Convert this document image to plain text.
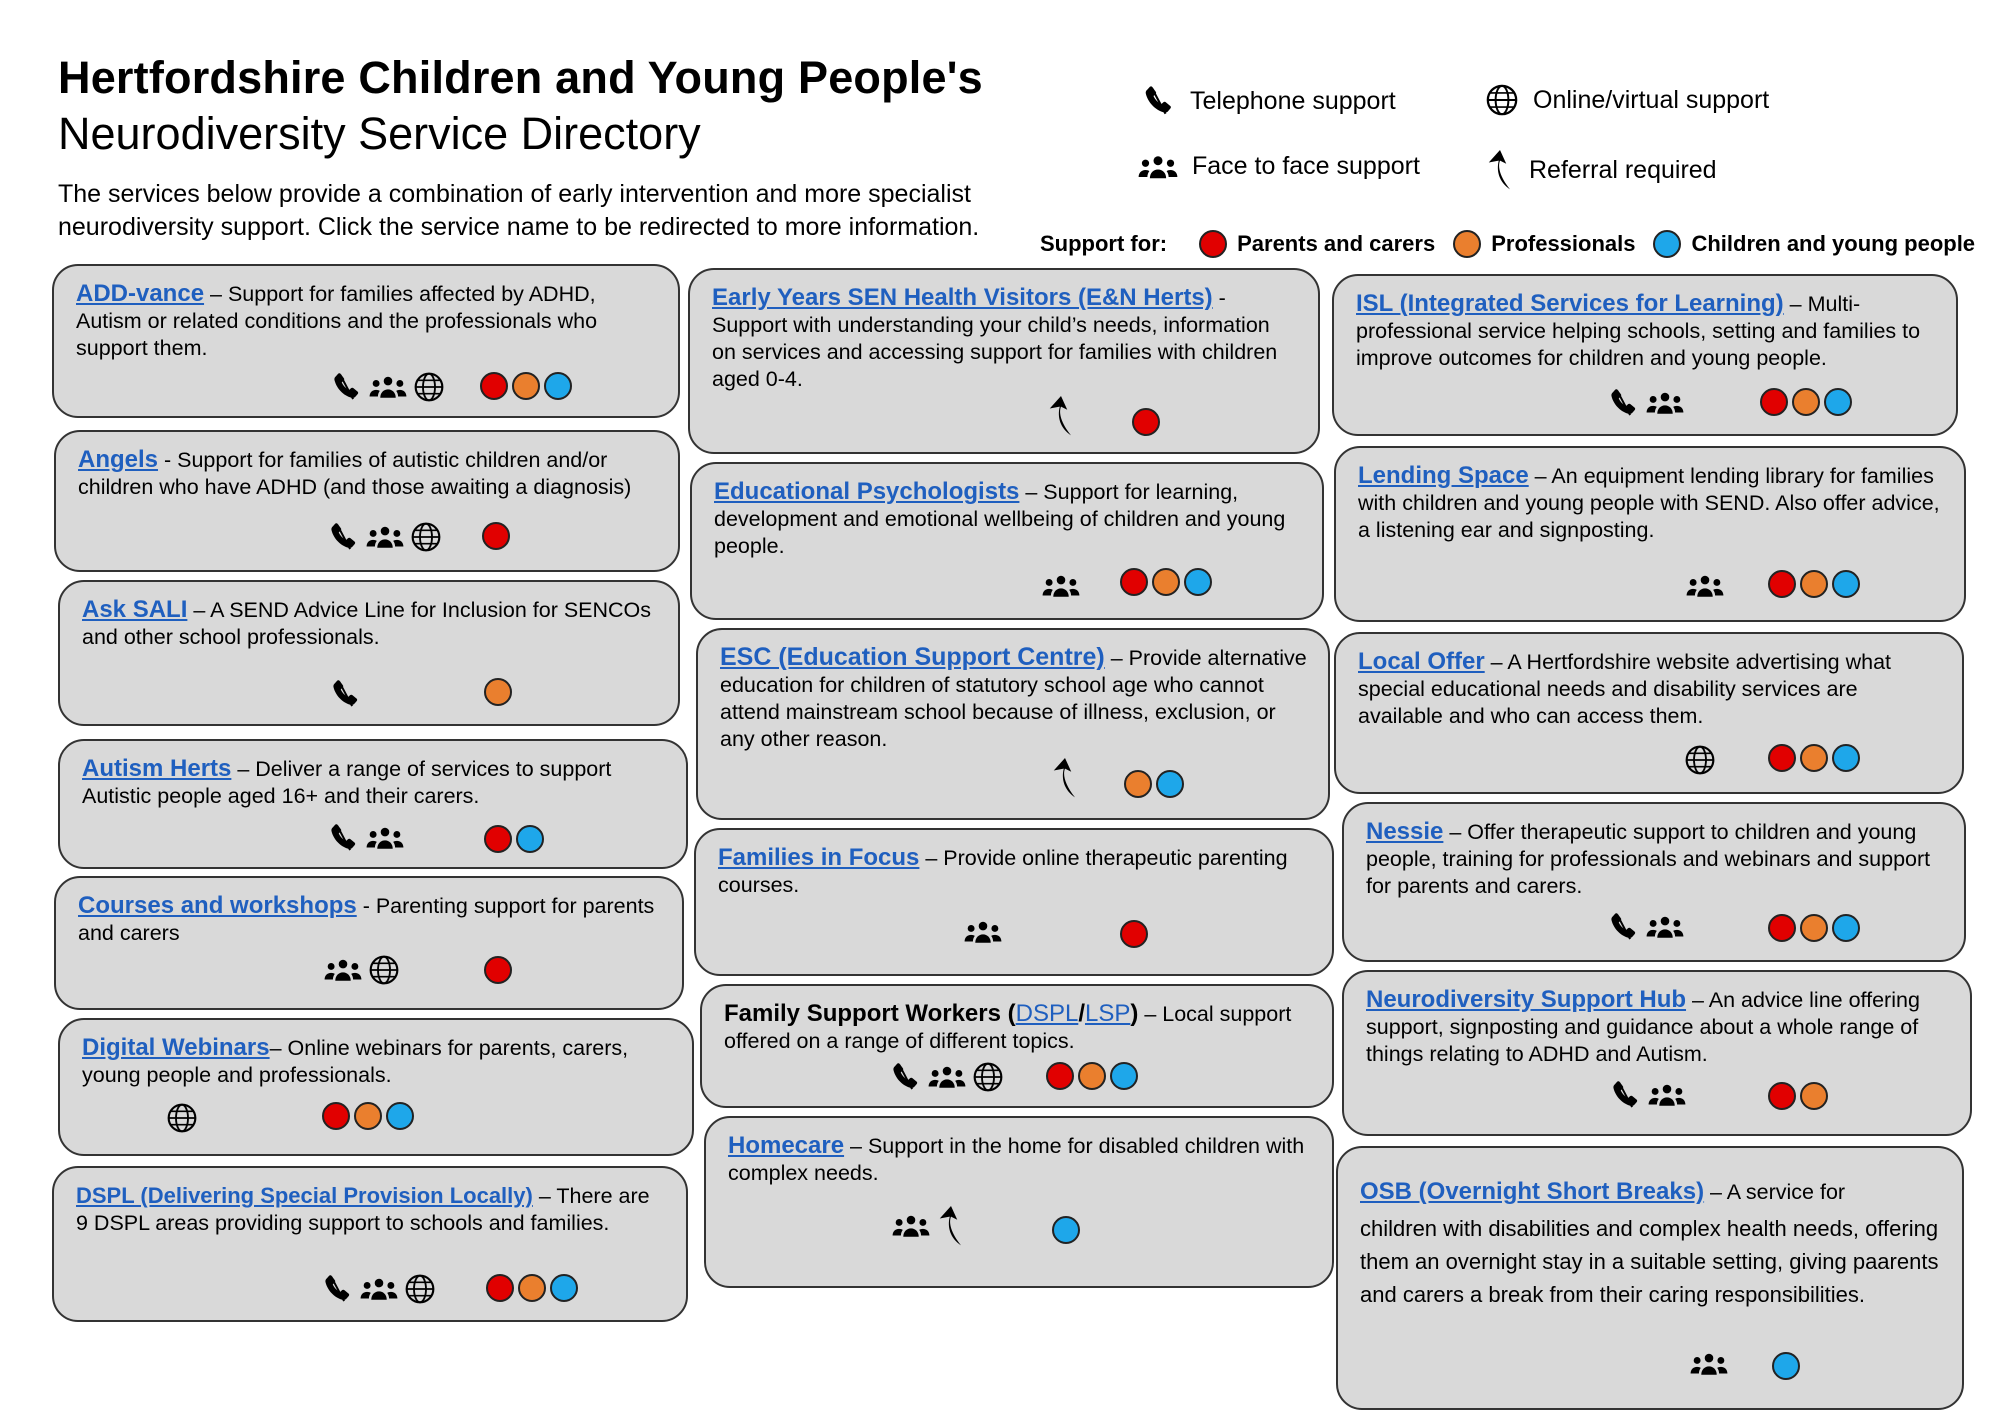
Hertfordshire Children and Young People's
Neurodiversity Service Directory
The services below provide a combination of early intervention and more specialist neurodiversity support. Click the service name to be redirected to more information.
Telephone support	Online/virtual support
Face to face support	Referral required
Support for:	Parents and carers	Professionals	Children and young people
ADD-vance – Support for families affected by ADHD, Autism or related conditions and the professionals who support them.
Angels - Support for families of autistic children and/or children who have ADHD (and those awaiting a diagnosis)
Ask SALI – A SEND Advice Line for Inclusion for SENCOs and other school professionals.
Autism Herts – Deliver a range of services to support Autistic people aged 16+ and their carers.
Courses and workshops - Parenting support for parents and carers
Digital Webinars– Online webinars for parents, carers, young people and professionals.
DSPL (Delivering Special Provision Locally) – There are 9 DSPL areas providing support to schools and families.
Early Years SEN Health Visitors (E&N Herts) - Support with understanding your child’s needs, information on services and accessing support for families with children aged 0-4.
Educational Psychologists – Support for learning, development and emotional wellbeing of children and young people.
ESC (Education Support Centre) – Provide alternative education for children of statutory school age who cannot attend mainstream school because of illness, exclusion, or any other reason.
Families in Focus – Provide online therapeutic parenting courses.
Family Support Workers (DSPL/LSP) – Local support offered on a range of different topics.
Homecare – Support in the home for disabled children with complex needs.
ISL (Integrated Services for Learning) – Multi-professional service helping schools, setting and families to improve outcomes for children and young people.
Lending Space – An equipment lending library for families with children and young people with SEND. Also offer advice, a listening ear and signposting.
Local Offer – A Hertfordshire website advertising what special educational needs and disability services are available and who can access them.
Nessie – Offer therapeutic support to children and young people, training for professionals and webinars and support for parents and carers.
Neurodiversity Support Hub – An advice line offering support, signposting and guidance about a whole range of things relating to ADHD and Autism.
OSB (Overnight Short Breaks) – A service for
children with disabilities and complex health needs, offering them an overnight stay in a suitable setting, giving paarents and carers a break from their caring responsibilities.
